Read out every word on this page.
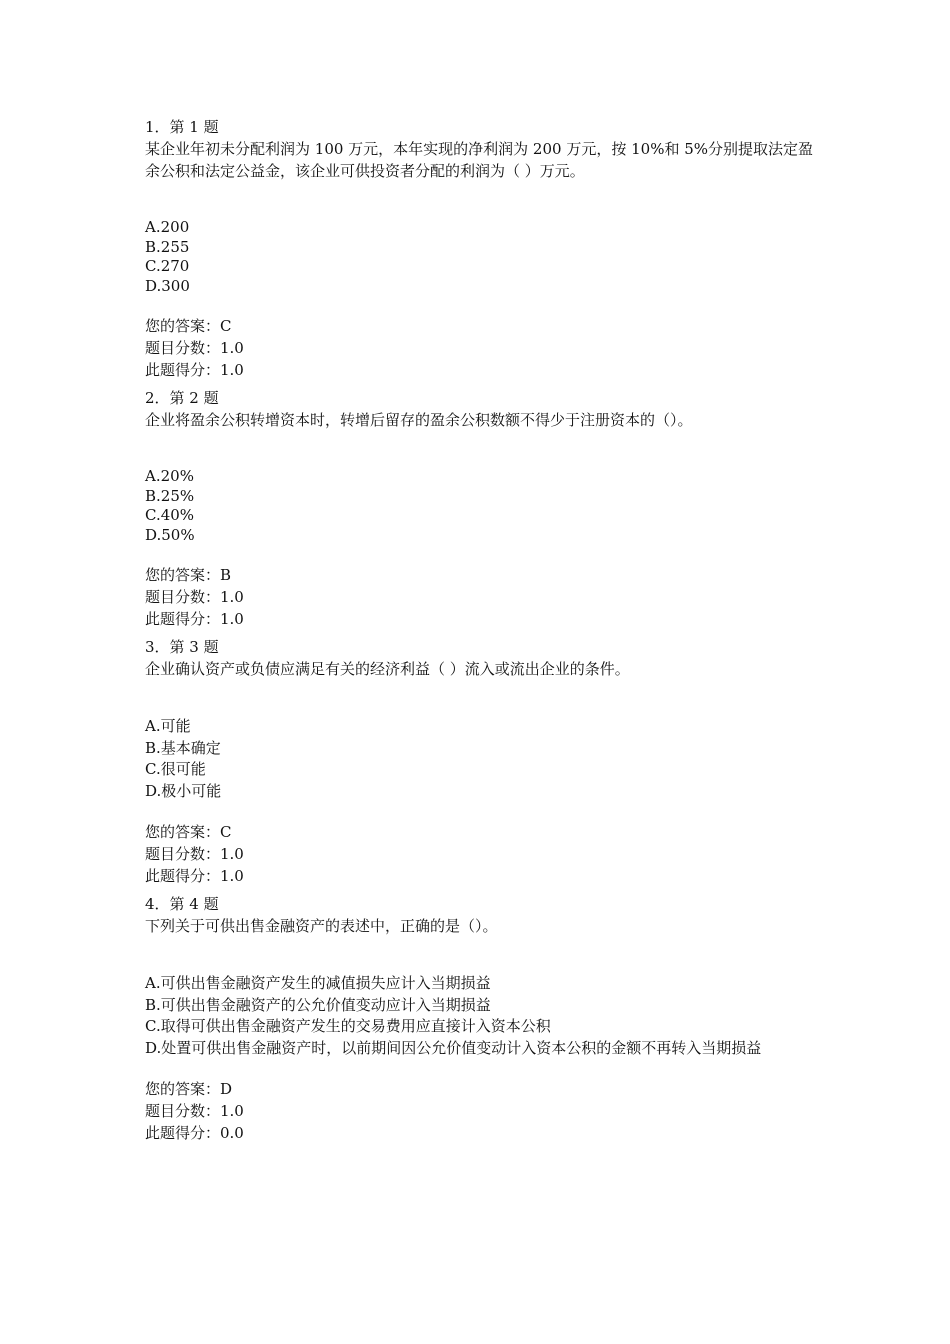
1．第 1 题
某企业年初未分配利润为 100 万元，本年实现的净利润为 200 万元，按 10%和 5%分别提取法定盈余公积和法定公益金，该企业可供投资者分配的利润为（ ）万元。
A.200
B.255
C.270
D.300
您的答案：C
题目分数：1.0
此题得分：1.0
2．第 2 题
企业将盈余公积转增资本时，转增后留存的盈余公积数额不得少于注册资本的（）。
A.20%
B.25%
C.40%
D.50%
您的答案：B
题目分数：1.0
此题得分：1.0
3．第 3 题
企业确认资产或负债应满足有关的经济利益（ ）流入或流出企业的条件。
A.可能
B.基本确定
C.很可能
D.极小可能
您的答案：C
题目分数：1.0
此题得分：1.0
4．第 4 题
下列关于可供出售金融资产的表述中，正确的是（）。
A.可供出售金融资产发生的减值损失应计入当期损益
B.可供出售金融资产的公允价值变动应计入当期损益
C.取得可供出售金融资产发生的交易费用应直接计入资本公积
D.处置可供出售金融资产时，以前期间因公允价值变动计入资本公积的金额不再转入当期损益
您的答案：D
题目分数：1.0
此题得分：0.0
